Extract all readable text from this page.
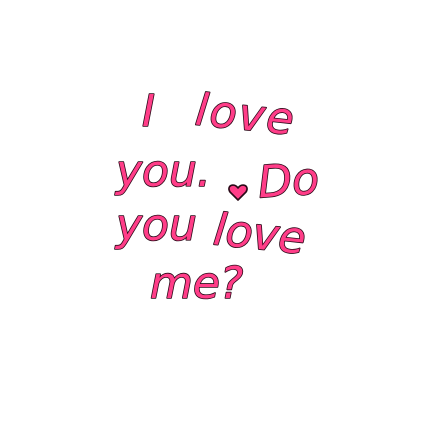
I love
you. Do
you love
me?
